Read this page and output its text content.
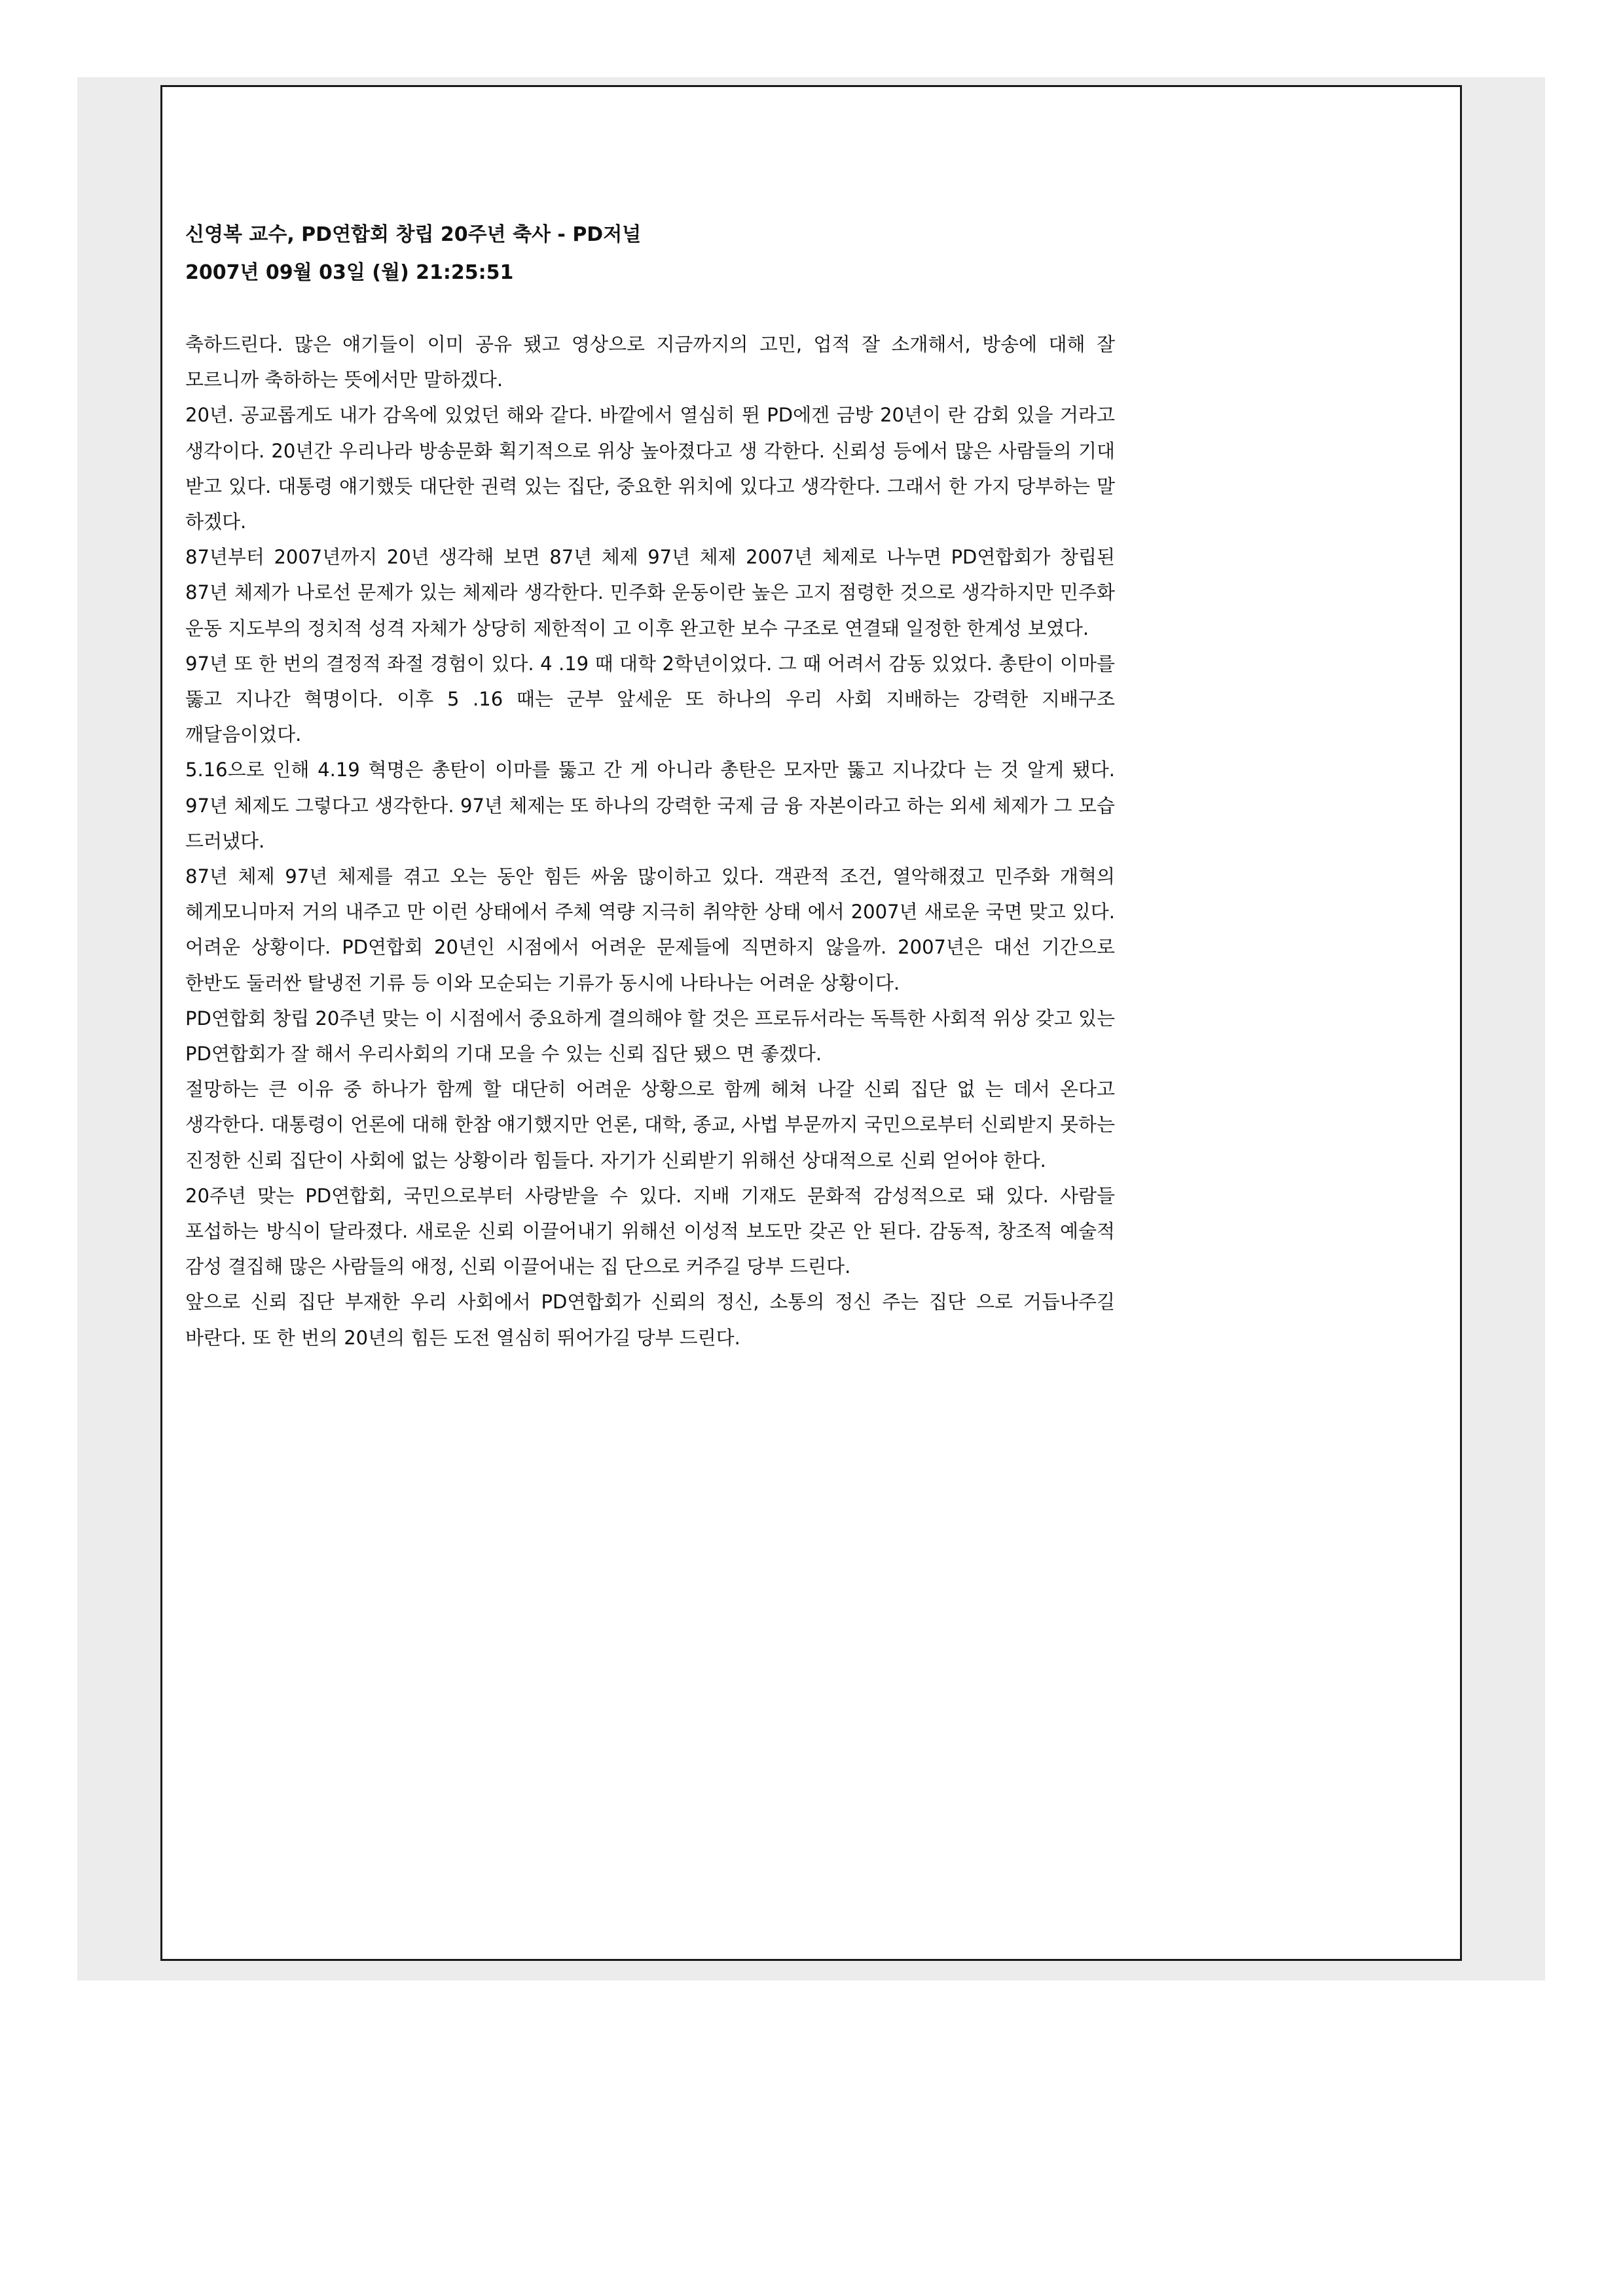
신영복 교수, PD연합회 창립 20주년 축사 - PD저널

2007년 09월 03일 (월) 21:25:51

축하드린다. 많은 얘기들이 이미 공유 됐고 영상으로 지금까지의 고민, 업적 잘 소개해서, 방송에 대해 잘 모르니까 축하하는 뜻에서만 말하겠다.

20년. 공교롭게도 내가 감옥에 있었던 해와 같다. 바깥에서 열심히 뛴 PD에겐 금방 20년이 란 감회 있을 거라고 생각이다. 20년간 우리나라 방송문화 획기적으로 위상 높아졌다고 생 각한다. 신뢰성 등에서 많은 사람들의 기대 받고 있다. 대통령 얘기했듯 대단한 권력 있는 집단, 중요한 위치에 있다고 생각한다. 그래서 한 가지 당부하는 말 하겠다.

87년부터 2007년까지 20년 생각해 보면 87년 체제 97년 체제 2007년 체제로 나누면 PD연합회가 창립된 87년 체제가 나로선 문제가 있는 체제라 생각한다. 민주화 운동이란 높은 고지 점령한 것으로 생각하지만 민주화 운동 지도부의 정치적 성격 자체가 상당히 제한적이 고 이후 완고한 보수 구조로 연결돼 일정한 한계성 보였다.

97년 또 한 번의 결정적 좌절 경험이 있다. 4 .19 때 대학 2학년이었다. 그 때 어려서 감동 있었다. 총탄이 이마를 뚫고 지나간 혁명이다. 이후 5 .16 때는 군부 앞세운 또 하나의 우리 사회 지배하는 강력한 지배구조 깨달음이었다.

5.16으로 인해 4.19 혁명은 총탄이 이마를 뚫고 간 게 아니라 총탄은 모자만 뚫고 지나갔다 는 것 알게 됐다. 97년 체제도 그렇다고 생각한다. 97년 체제는 또 하나의 강력한 국제 금 융 자본이라고 하는 외세 체제가 그 모습 드러냈다.

87년 체제 97년 체제를 겪고 오는 동안 힘든 싸움 많이하고 있다. 객관적 조건, 열악해졌고 민주화 개혁의 헤게모니마저 거의 내주고 만 이런 상태에서 주체 역량 지극히 취약한 상태 에서 2007년 새로운 국면 맞고 있다. 어려운 상황이다. PD연합회 20년인 시점에서 어려운 문제들에 직면하지 않을까. 2007년은 대선 기간으로 한반도 둘러싼 탈냉전 기류 등 이와 모순되는 기류가 동시에 나타나는 어려운 상황이다.

PD연합회 창립 20주년 맞는 이 시점에서 중요하게 결의해야 할 것은 프로듀서라는 독특한 사회적 위상 갖고 있는 PD연합회가 잘 해서 우리사회의 기대 모을 수 있는 신뢰 집단 됐으 면 좋겠다.

절망하는 큰 이유 중 하나가 함께 할 대단히 어려운 상황으로 함께 헤쳐 나갈 신뢰 집단 없 는 데서 온다고 생각한다. 대통령이 언론에 대해 한참 얘기했지만 언론, 대학, 종교, 사법 부문까지 국민으로부터 신뢰받지 못하는 진정한 신뢰 집단이 사회에 없는 상황이라 힘들다. 자기가 신뢰받기 위해선 상대적으로 신뢰 얻어야 한다.

20주년 맞는 PD연합회, 국민으로부터 사랑받을 수 있다. 지배 기재도 문화적 감성적으로 돼 있다. 사람들 포섭하는 방식이 달라졌다. 새로운 신뢰 이끌어내기 위해선 이성적 보도만 갖곤 안 된다. 감동적, 창조적 예술적 감성 결집해 많은 사람들의 애정, 신뢰 이끌어내는 집 단으로 커주길 당부 드린다.

앞으로 신뢰 집단 부재한 우리 사회에서 PD연합회가 신뢰의 정신, 소통의 정신 주는 집단 으로 거듭나주길 바란다. 또 한 번의 20년의 힘든 도전 열심히 뛰어가길 당부 드린다.
